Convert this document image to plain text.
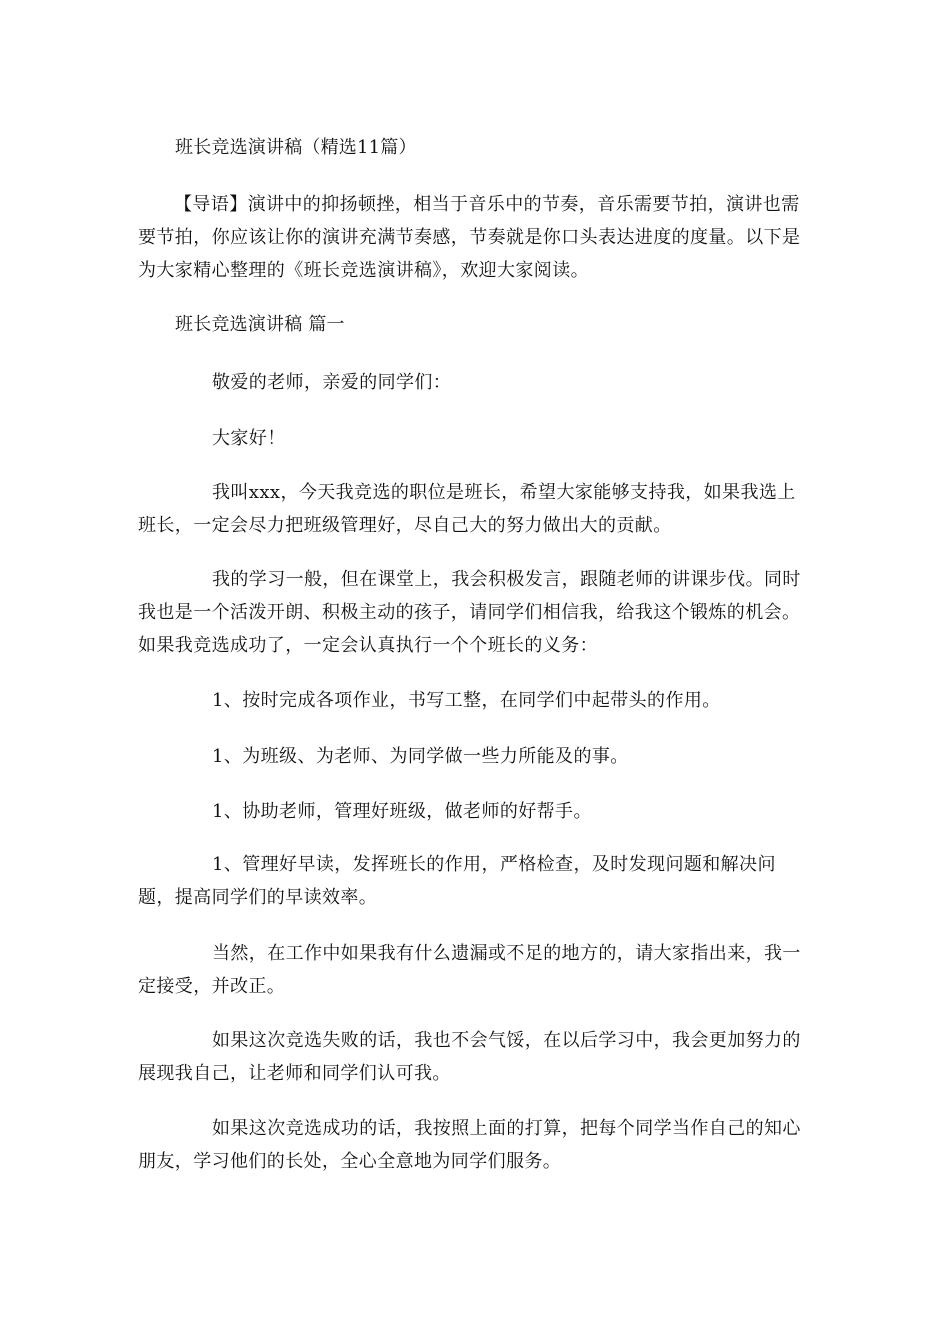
班长竞选演讲稿（精选11篇）
【导语】演讲中的抑扬顿挫，相当于音乐中的节奏，音乐需要节拍，演讲也需要节拍，你应该让你的演讲充满节奏感，节奏就是你口头表达进度的度量。以下是为大家精心整理的《班长竞选演讲稿》，欢迎大家阅读。
班长竞选演讲稿 篇一
敬爱的老师，亲爱的同学们：
大家好！
我叫xxx，今天我竞选的职位是班长，希望大家能够支持我，如果我选上班长，一定会尽力把班级管理好，尽自己大的努力做出大的贡献。
我的学习一般，但在课堂上，我会积极发言，跟随老师的讲课步伐。同时我也是一个活泼开朗、积极主动的孩子，请同学们相信我，给我这个锻炼的机会。如果我竞选成功了，一定会认真执行一个个班长的义务：
1、按时完成各项作业，书写工整，在同学们中起带头的作用。
1、为班级、为老师、为同学做一些力所能及的事。
1、协助老师，管理好班级，做老师的好帮手。
1、管理好早读，发挥班长的作用，严格检查，及时发现问题和解决问题，提高同学们的早读效率。
当然，在工作中如果我有什么遗漏或不足的地方的，请大家指出来，我一定接受，并改正。
如果这次竞选失败的话，我也不会气馁，在以后学习中，我会更加努力的展现我自己，让老师和同学们认可我。
如果这次竞选成功的话，我按照上面的打算，把每个同学当作自己的知心朋友，学习他们的长处，全心全意地为同学们服务。
